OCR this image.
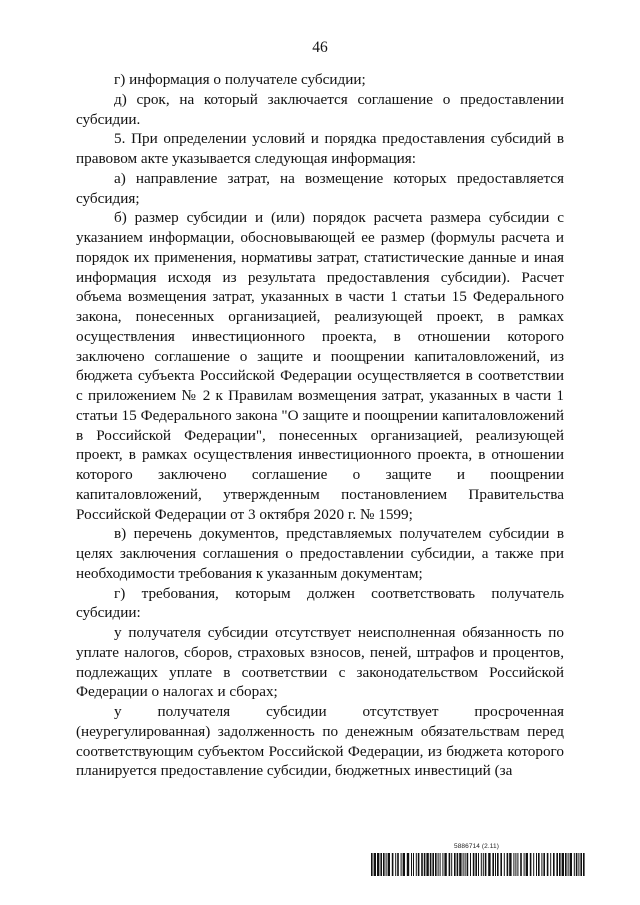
46

г) информация о получателе субсидии;

д) срок, на который заключается соглашение о предоставлении субсидии.

5. При определении условий и порядка предоставления субсидий в правовом акте указывается следующая информация:

а) направление затрат, на возмещение которых предоставляется субсидия;

б) размер субсидии и (или) порядок расчета размера субсидии с указанием информации, обосновывающей ее размер (формулы расчета и порядок их применения, нормативы затрат, статистические данные и иная информация исходя из результата предоставления субсидии). Расчет объема возмещения затрат, указанных в части 1 статьи 15 Федерального закона, понесенных организацией, реализующей проект, в рамках осуществления инвестиционного проекта, в отношении которого заключено соглашение о защите и поощрении капиталовложений, из бюджета субъекта Российской Федерации осуществляется в соответствии с приложением № 2 к Правилам возмещения затрат, указанных в части 1 статьи 15 Федерального закона "О защите и поощрении капиталовложений в Российской Федерации", понесенных организацией, реализующей проект, в рамках осуществления инвестиционного проекта, в отношении которого заключено соглашение о защите и поощрении капиталовложений, утвержденным постановлением Правительства Российской Федерации от 3 октября 2020 г. № 1599;

в) перечень документов, представляемых получателем субсидии в целях заключения соглашения о предоставлении субсидии, а также при необходимости требования к указанным документам;

г) требования, которым должен соответствовать получатель субсидии:

у получателя субсидии отсутствует неисполненная обязанность по уплате налогов, сборов, страховых взносов, пеней, штрафов и процентов, подлежащих уплате в соответствии с законодательством Российской Федерации о налогах и сборах;

у получателя субсидии отсутствует просроченная (неурегулированная) задолженность по денежным обязательствам перед соответствующим субъектом Российской Федерации, из бюджета которого планируется предоставление субсидии, бюджетных инвестиций (за

5886714 (2.11)
